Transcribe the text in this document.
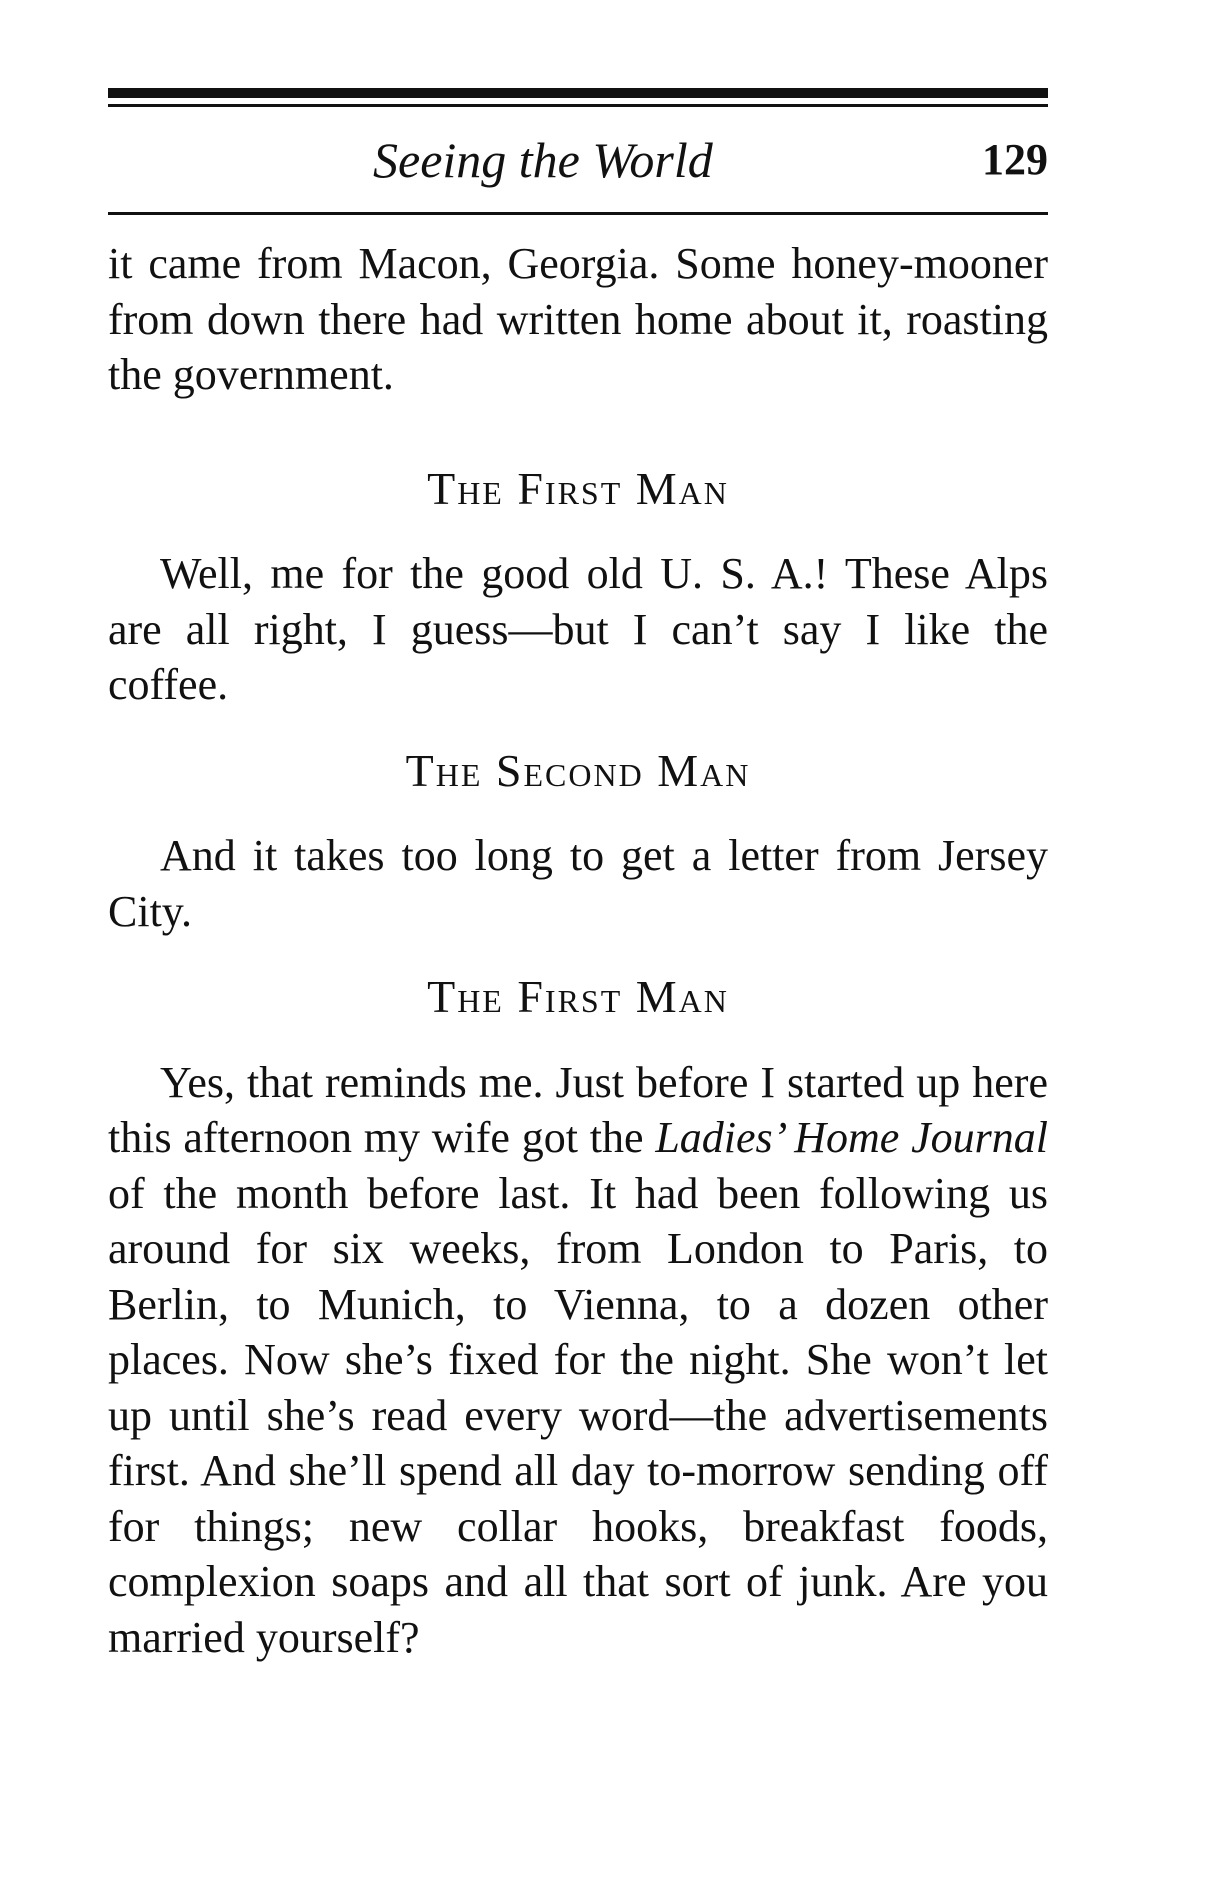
Seeing the World	129

it came from Macon, Georgia. Some honey-mooner from down there had written home about it, roasting the government.

The First Man

Well, me for the good old U. S. A.! These Alps are all right, I guess—but I can’t say I like the coffee.

The Second Man

And it takes too long to get a letter from Jersey City.

The First Man

Yes, that reminds me. Just before I started up here this afternoon my wife got the Ladies’ Home Journal of the month before last. It had been following us around for six weeks, from London to Paris, to Berlin, to Munich, to Vienna, to a dozen other places. Now she’s fixed for the night. She won’t let up until she’s read every word—the advertisements first. And she’ll spend all day to-morrow sending off for things; new collar hooks, breakfast foods, complexion soaps and all that sort of junk. Are you married yourself?
